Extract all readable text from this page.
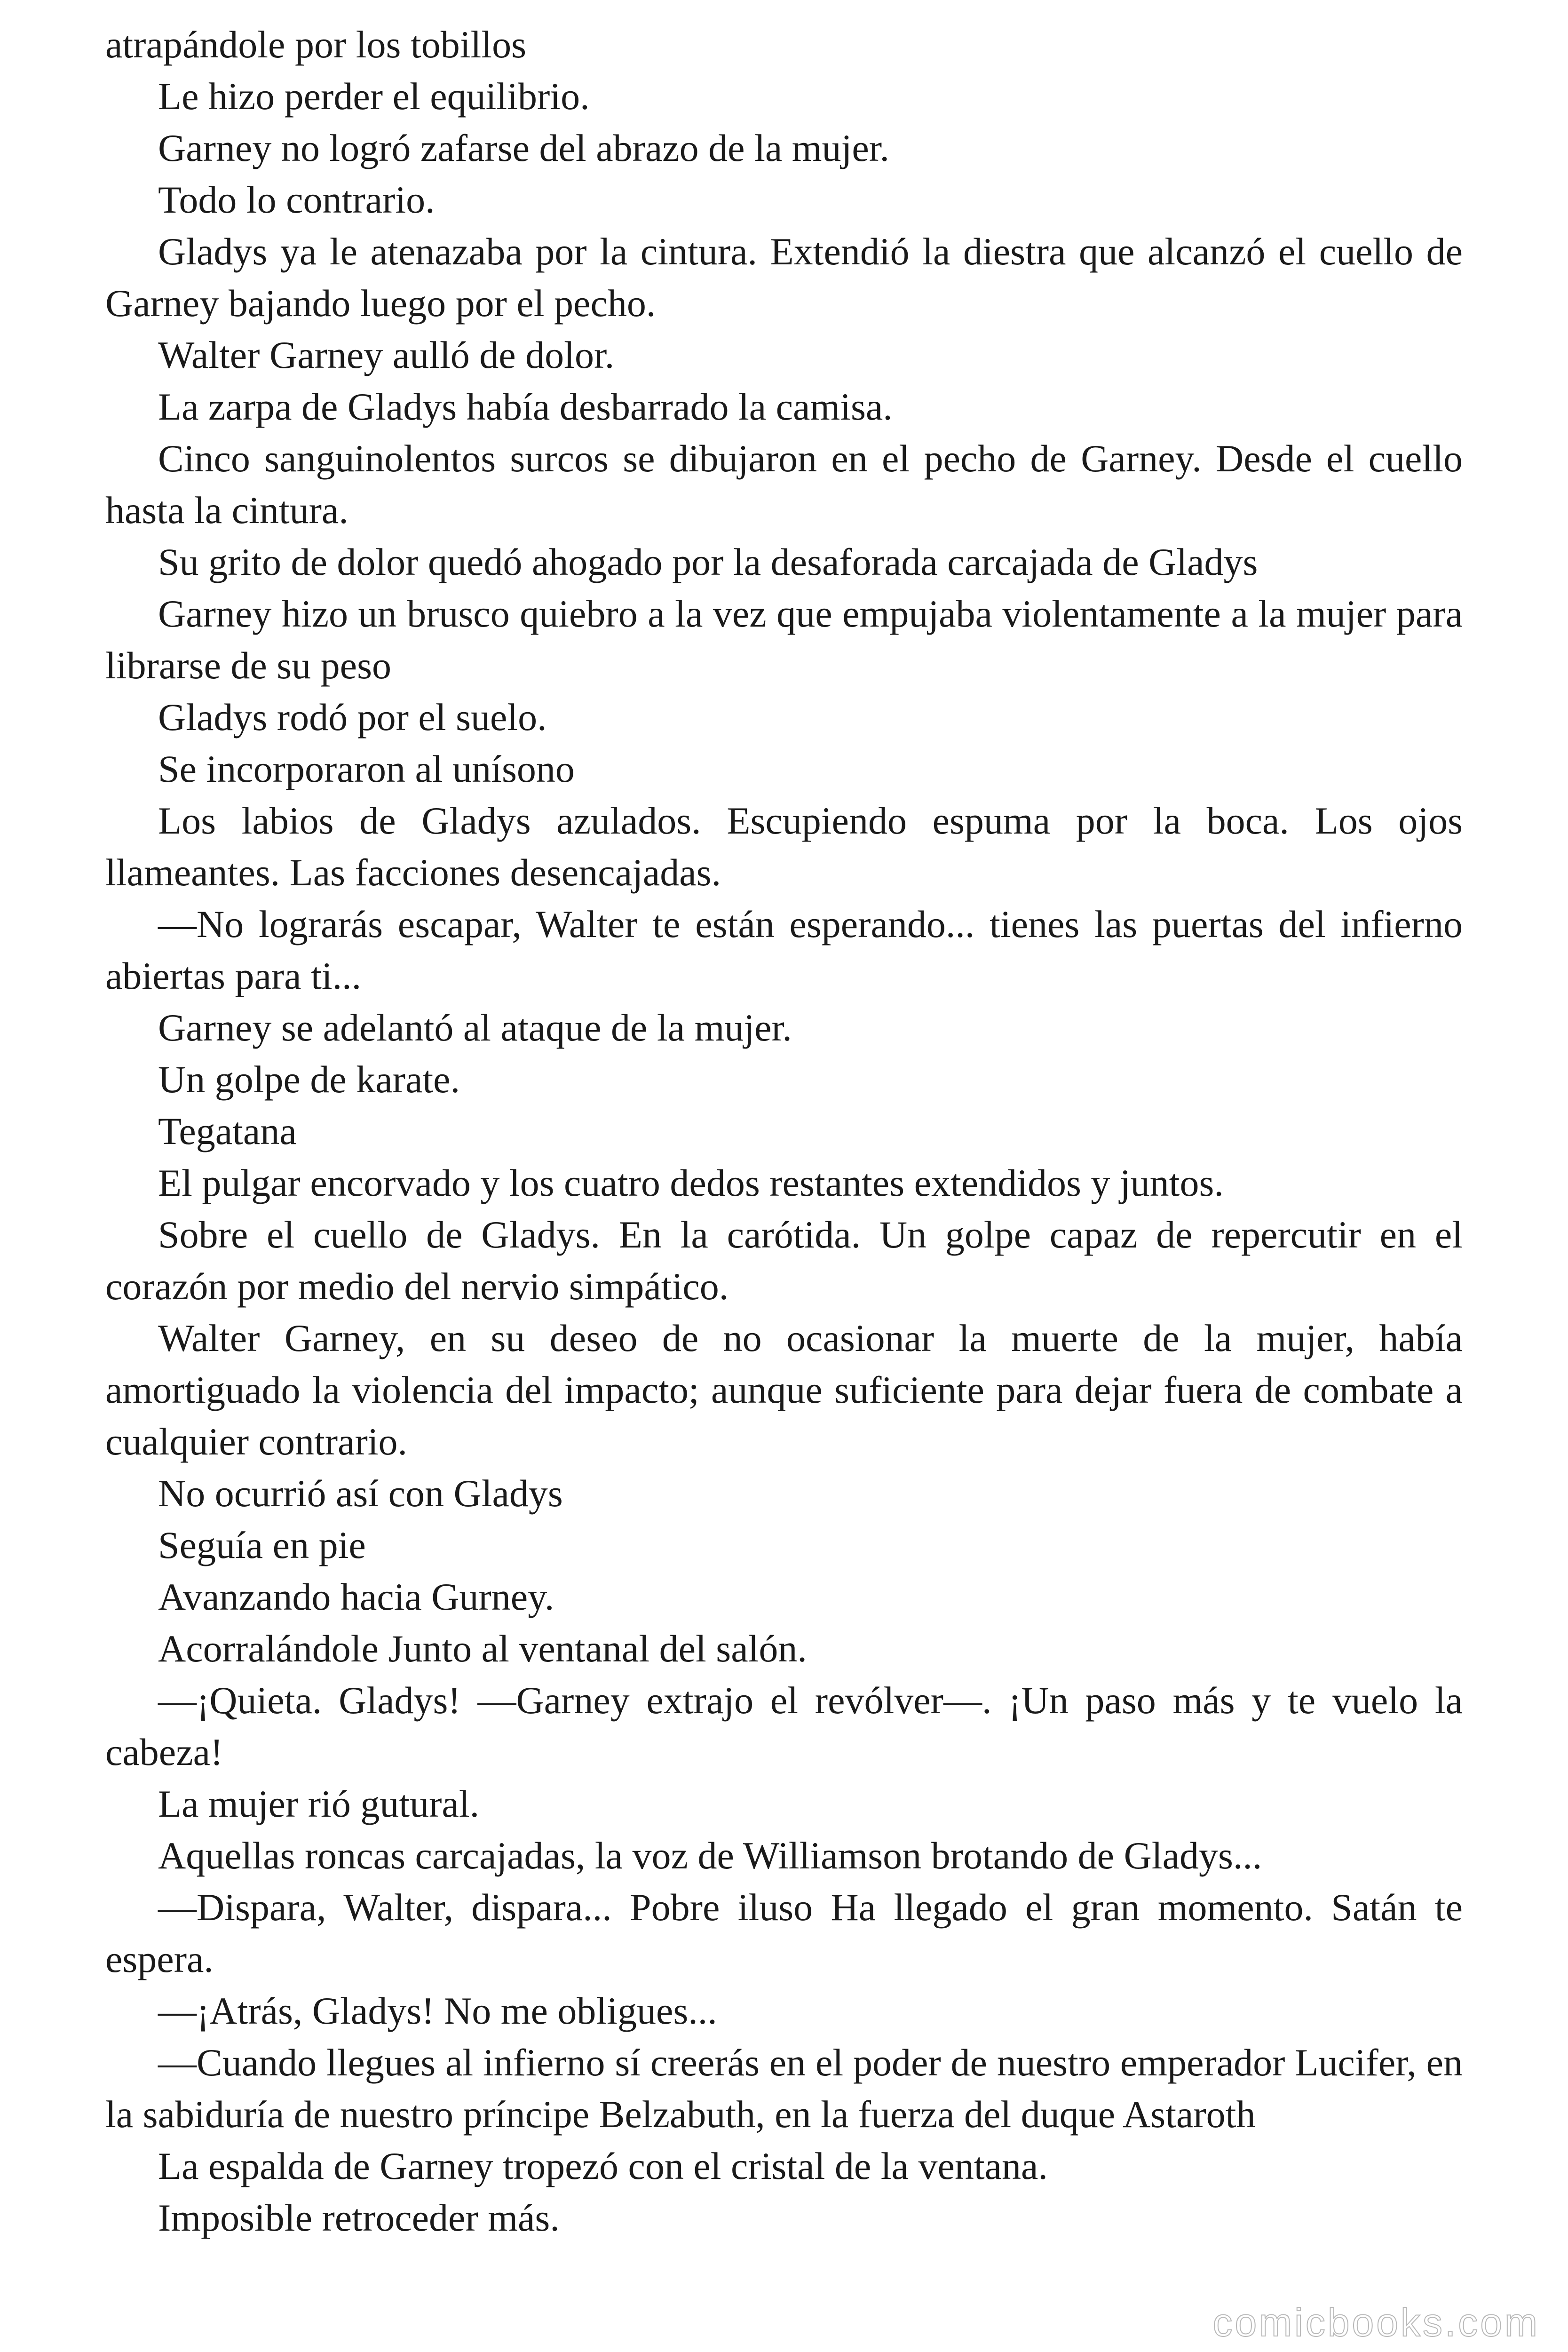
atrapándole por los tobillos

Le hizo perder el equilibrio.

Garney no logró zafarse del abrazo de la mujer.

Todo lo contrario.

Gladys ya le atenazaba por la cintura. Extendió la diestra que alcanzó el cuello de Garney bajando luego por el pecho.

Walter Garney aulló de dolor.

La zarpa de Gladys había desbarrado la camisa.

Cinco sanguinolentos surcos se dibujaron en el pecho de Garney. Desde el cuello hasta la cintura.

Su grito de dolor quedó ahogado por la desaforada carcajada de Gladys

Garney hizo un brusco quiebro a la vez que empujaba violentamente a la mujer para librarse de su peso

Gladys rodó por el suelo.

Se incorporaron al unísono

Los labios de Gladys azulados. Escupiendo espuma por la boca. Los ojos llameantes. Las facciones desencajadas.

—No lograrás escapar, Walter te están esperando... tienes las puertas del infierno abiertas para ti...

Garney se adelantó al ataque de la mujer.

Un golpe de karate.

Tegatana

El pulgar encorvado y los cuatro dedos restantes extendidos y juntos.

Sobre el cuello de Gladys. En la carótida. Un golpe capaz de repercutir en el corazón por medio del nervio simpático.

Walter Garney, en su deseo de no ocasionar la muerte de la mujer, había amortiguado la violencia del impacto; aunque suficiente para dejar fuera de combate a cualquier contrario.

No ocurrió así con Gladys

Seguía en pie

Avanzando hacia Gurney.

Acorralándole Junto al ventanal del salón.

—¡Quieta. Gladys! —Garney extrajo el revólver—. ¡Un paso más y te vuelo la cabeza!

La mujer rió gutural.

Aquellas roncas carcajadas, la voz de Williamson brotando de Gladys...

—Dispara, Walter, dispara... Pobre iluso Ha llegado el gran momento. Satán te espera.

—¡Atrás, Gladys! No me obligues...

—Cuando llegues al infierno sí creerás en el poder de nuestro emperador Lucifer, en la sabiduría de nuestro príncipe Belzabuth, en la fuerza del duque Astaroth

La espalda de Garney tropezó con el cristal de la ventana.

Imposible retroceder más.

comicbooks.com
